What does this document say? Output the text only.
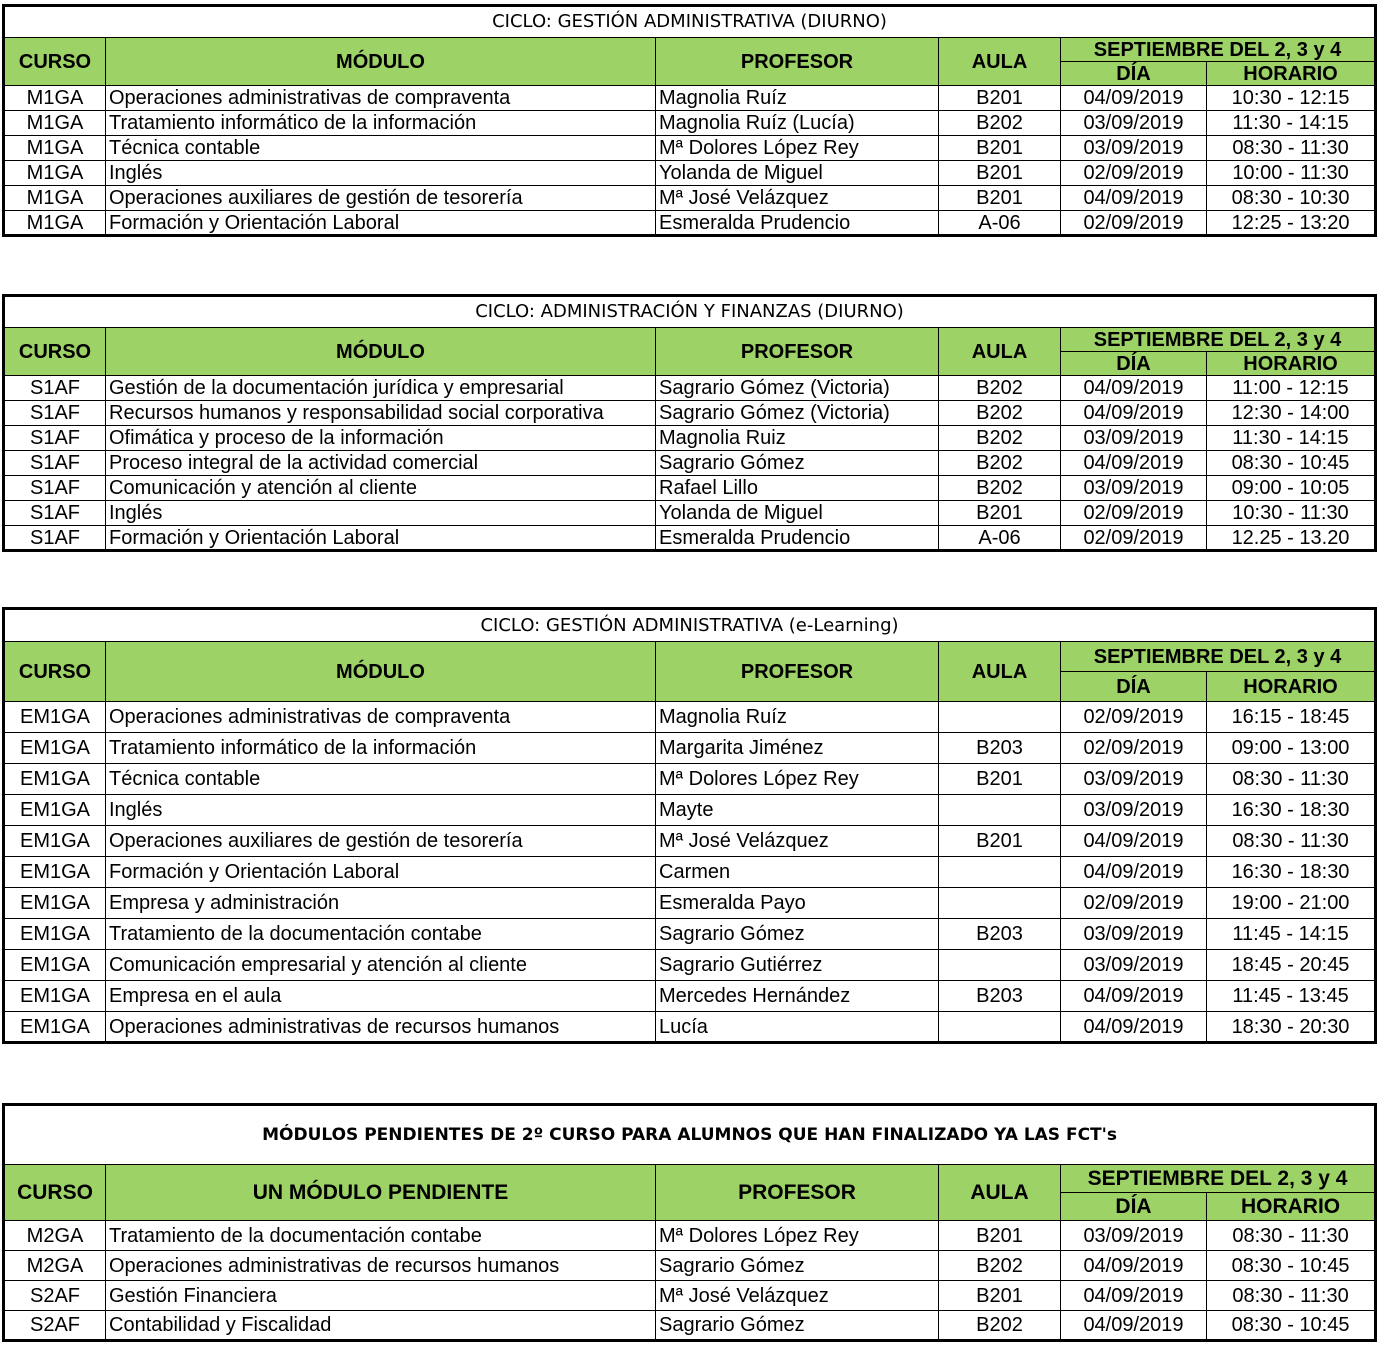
CICLO: GESTIÓN ADMINISTRATIVA (DIURNO)					
CURSO	MÓDULO	PROFESOR	AULA	SEPTIEMBRE DEL 2, 3 y 4	
				DÍA	HORARIO
M1GA	Operaciones administrativas de compraventa	Magnolia Ruíz	B201	04/09/2019	10:30 - 12:15
M1GA	Tratamiento informático de la información	Magnolia Ruíz (Lucía)	B202	03/09/2019	11:30 - 14:15
M1GA	Técnica contable	Mª Dolores López Rey	B201	03/09/2019	08:30 - 11:30
M1GA	Inglés	Yolanda de Miguel	B201	02/09/2019	10:00 - 11:30
M1GA	Operaciones auxiliares de gestión de tesorería	Mª José Velázquez	B201	04/09/2019	08:30 - 10:30
M1GA	Formación y Orientación Laboral	Esmeralda Prudencio	A-06	02/09/2019	12:25 - 13:20
CICLO: ADMINISTRACIÓN Y FINANZAS (DIURNO)					
CURSO	MÓDULO	PROFESOR	AULA	SEPTIEMBRE DEL 2, 3 y 4	
				DÍA	HORARIO
S1AF	Gestión de la documentación jurídica y empresarial	Sagrario Gómez (Victoria)	B202	04/09/2019	11:00 - 12:15
S1AF	Recursos humanos y responsabilidad social corporativa	Sagrario Gómez (Victoria)	B202	04/09/2019	12:30 - 14:00
S1AF	Ofimática y proceso de la información	Magnolia Ruiz	B202	03/09/2019	11:30 - 14:15
S1AF	Proceso integral de la actividad comercial	Sagrario Gómez	B202	04/09/2019	08:30 - 10:45
S1AF	Comunicación y atención al cliente	Rafael Lillo	B202	03/09/2019	09:00 - 10:05
S1AF	Inglés	Yolanda de Miguel	B201	02/09/2019	10:30 - 11:30
S1AF	Formación y Orientación Laboral	Esmeralda Prudencio	A-06	02/09/2019	12.25 - 13.20
CICLO: GESTIÓN ADMINISTRATIVA (e-Learning)					
CURSO	MÓDULO	PROFESOR	AULA	SEPTIEMBRE DEL 2, 3 y 4	
				DÍA	HORARIO
EM1GA	Operaciones administrativas de compraventa	Magnolia Ruíz		02/09/2019	16:15 - 18:45
EM1GA	Tratamiento informático de la información	Margarita Jiménez	B203	02/09/2019	09:00 - 13:00
EM1GA	Técnica contable	Mª Dolores López Rey	B201	03/09/2019	08:30 - 11:30
EM1GA	Inglés	Mayte		03/09/2019	16:30 - 18:30
EM1GA	Operaciones auxiliares de gestión de tesorería	Mª José Velázquez	B201	04/09/2019	08:30 - 11:30
EM1GA	Formación y Orientación Laboral	Carmen		04/09/2019	16:30 - 18:30
EM1GA	Empresa y administración	Esmeralda Payo		02/09/2019	19:00 - 21:00
EM1GA	Tratamiento de la documentación contabe	Sagrario Gómez	B203	03/09/2019	11:45 - 14:15
EM1GA	Comunicación empresarial y atención al cliente	Sagrario Gutiérrez		03/09/2019	18:45 - 20:45
EM1GA	Empresa en el aula	Mercedes Hernández	B203	04/09/2019	11:45 - 13:45
EM1GA	Operaciones administrativas de recursos humanos	Lucía		04/09/2019	18:30 - 20:30
MÓDULOS PENDIENTES DE 2º CURSO PARA ALUMNOS QUE HAN FINALIZADO YA LAS FCT's					
CURSO	UN MÓDULO PENDIENTE	PROFESOR	AULA	SEPTIEMBRE DEL 2, 3 y 4	
				DÍA	HORARIO
M2GA	Tratamiento de la documentación contabe	Mª Dolores López Rey	B201	03/09/2019	08:30 - 11:30
M2GA	Operaciones administrativas de recursos humanos	Sagrario Gómez	B202	04/09/2019	08:30 - 10:45
S2AF	Gestión Financiera	Mª José Velázquez	B201	04/09/2019	08:30 - 11:30
S2AF	Contabilidad y Fiscalidad	Sagrario Gómez	B202	04/09/2019	08:30 - 10:45
